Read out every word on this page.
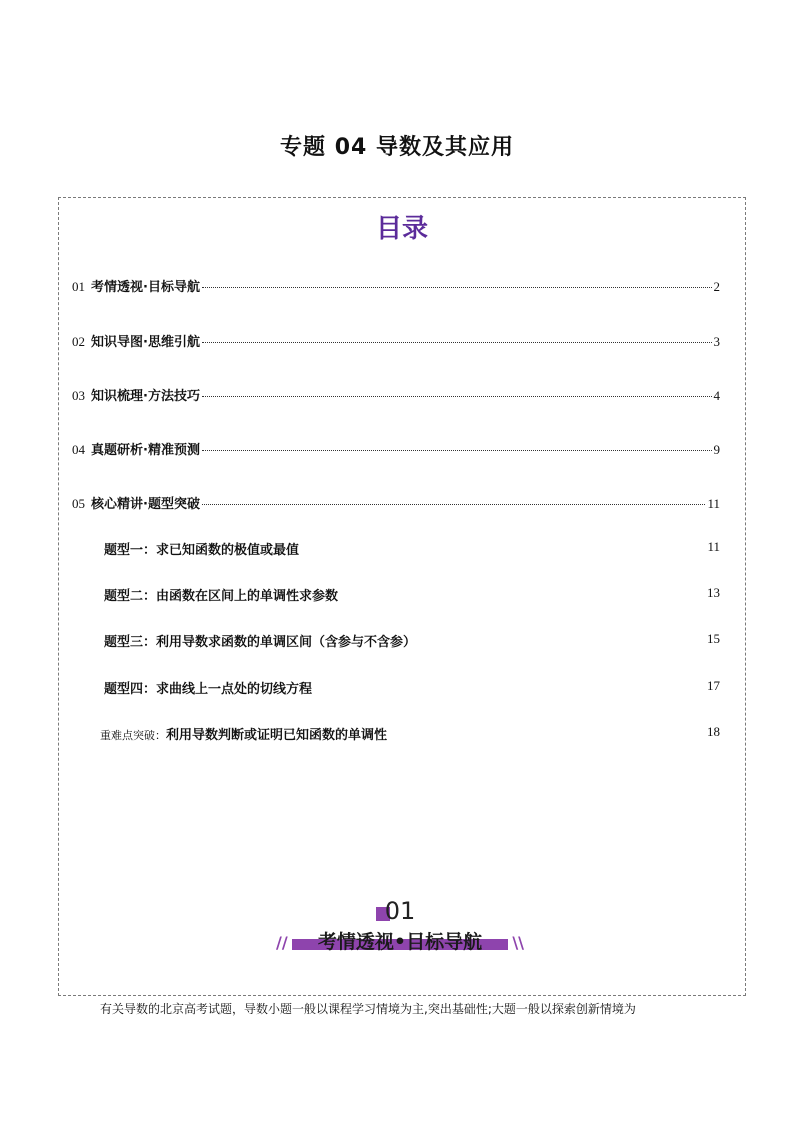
专题 04 导数及其应用
目录
01 考情透视·目标导航	2
02 知识导图·思维引航	3
03 知识梳理·方法技巧	4
04 真题研析·精准预测	9
05 核心精讲·题型突破	11
题型一：求已知函数的极值或最值	11
题型二：由函数在区间上的单调性求参数	13
题型三：利用导数求函数的单调区间（含参与不含参）	15
题型四：求曲线上一点处的切线方程	17
重难点突破：利用导数判断或证明已知函数的单调性	18
01
//	考情透视•目标导航	\\
有关导数的北京高考试题，导数小题一般以课程学习情境为主,突出基础性;大题一般以探索创新情境为
